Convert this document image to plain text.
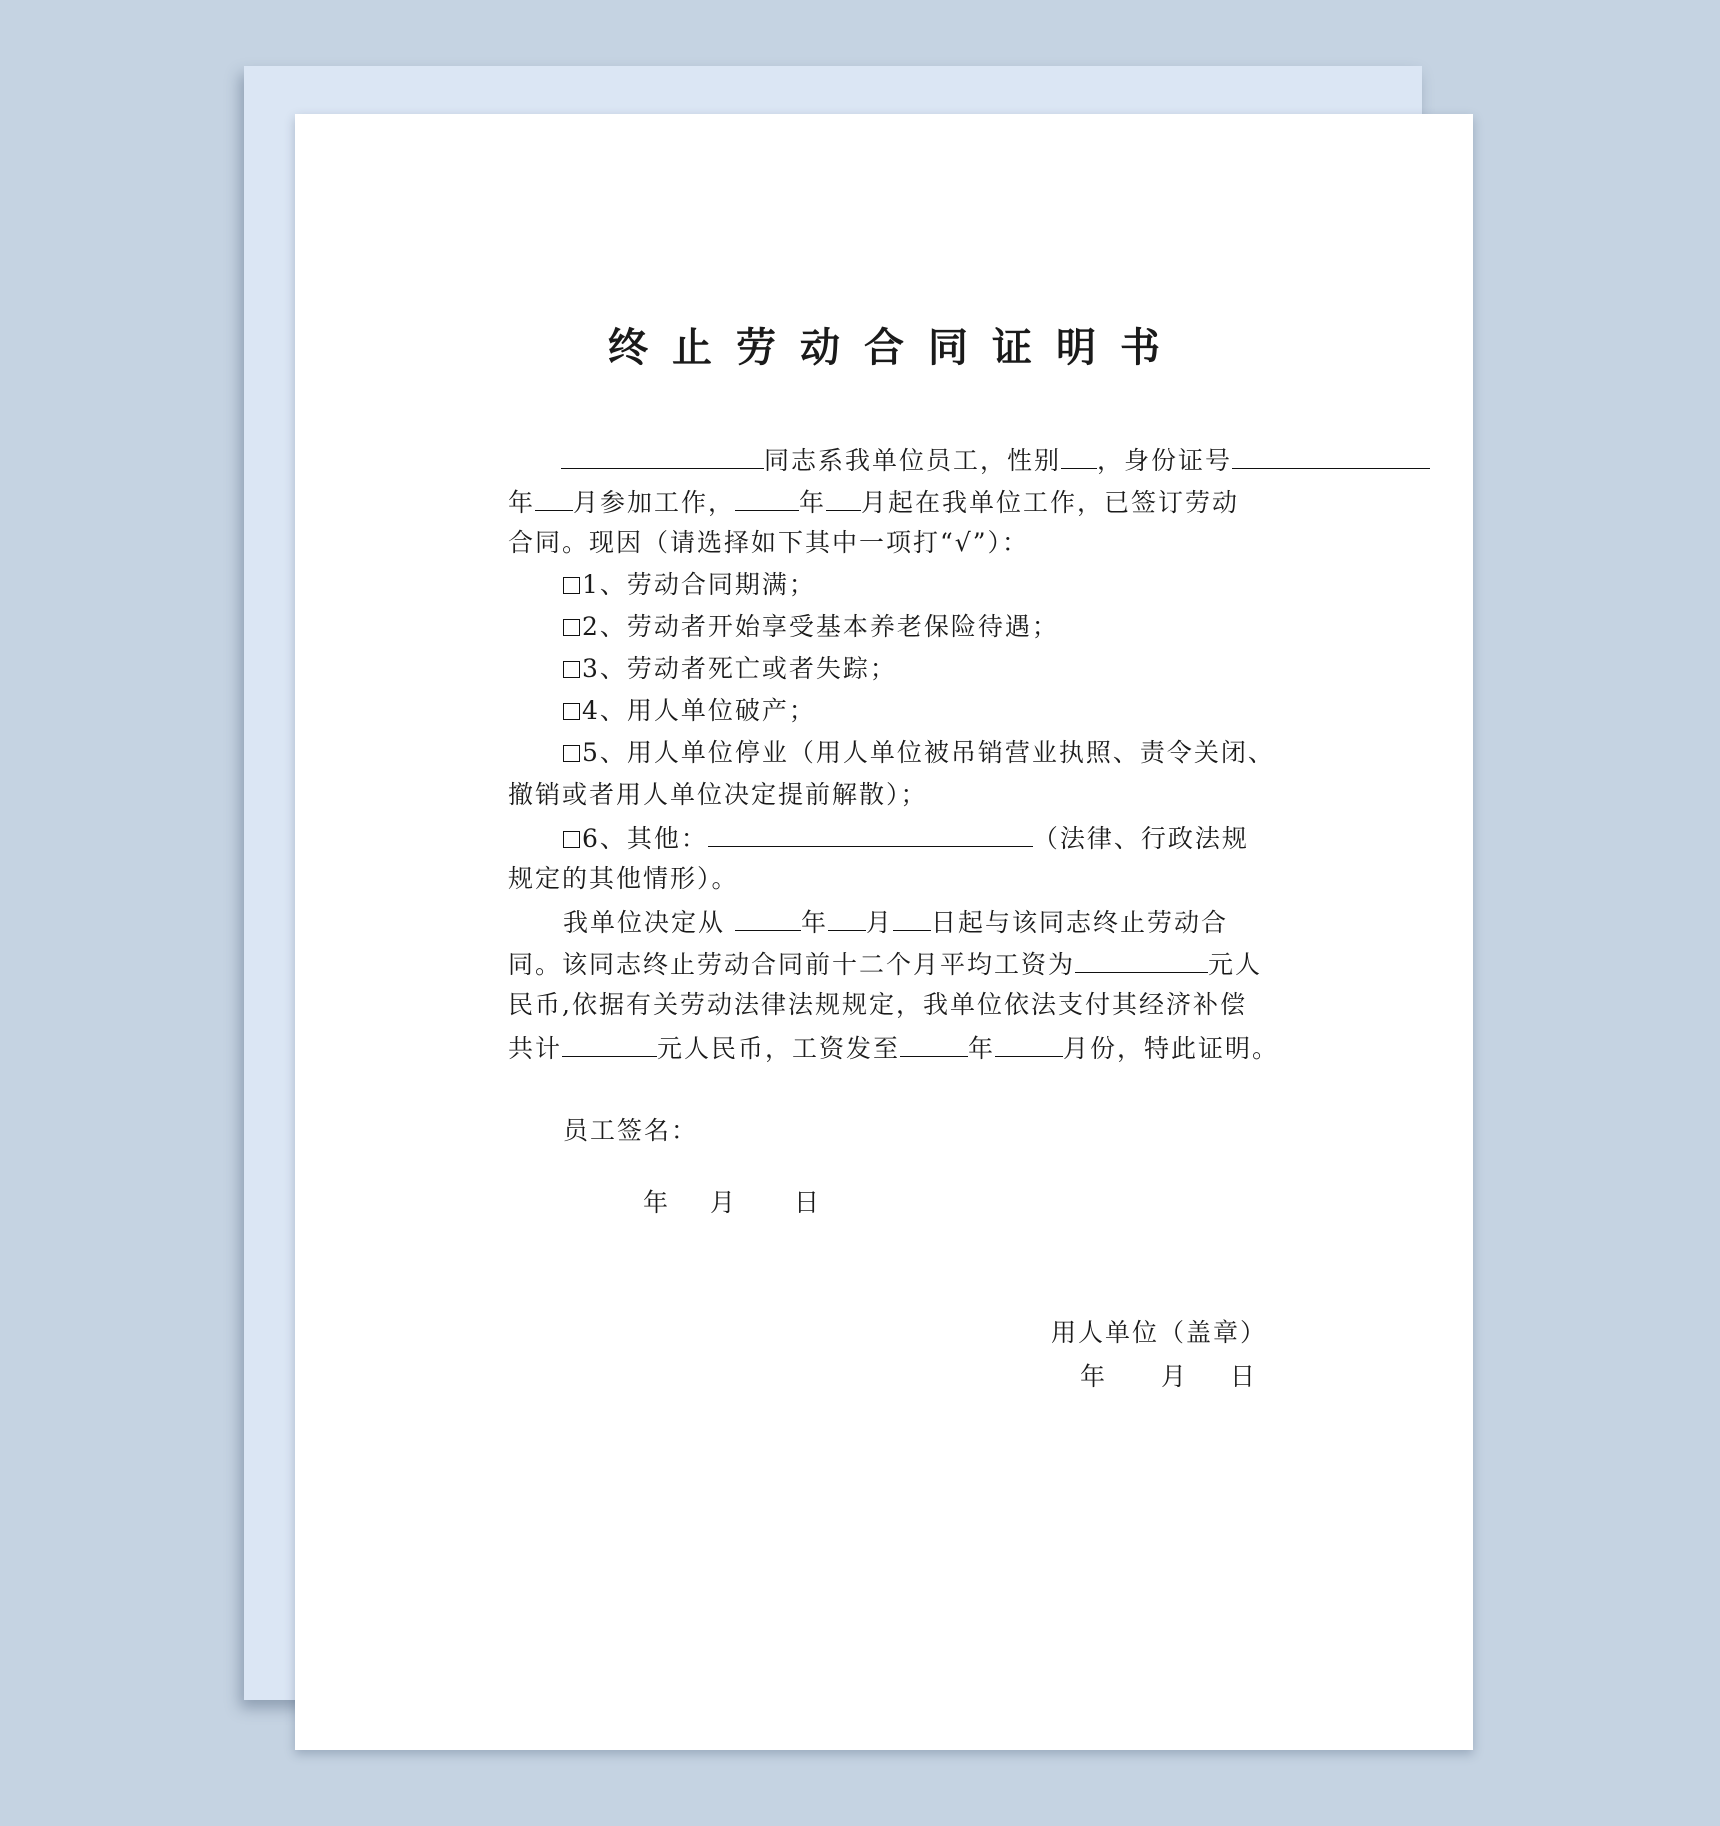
终止劳动合同证明书
同志系我单位员工，性别 ，身份证号
年 月参加工作，	年 月起在我单位工作，已签订劳动
合同。现因（请选择如下其中一项打“√”）：
1、劳动合同期满；
2、劳动者开始享受基本养老保险待遇；
3、劳动者死亡或者失踪；
4、用人单位破产；
5、用人单位停业（用人单位被吊销营业执照、责令关闭、
撤销或者用人单位决定提前解散）；
6、其他：	（法律、行政法规
规定的其他情形）。
我单位决定从	年 月 日起与该同志终止劳动合
同。该同志终止劳动合同前十二个月平均工资为	元人
民币,依据有关劳动法律法规规定，我单位依法支付其经济补偿
共计	元人民币，工资发至	年	月份，特此证明。
员工签名：
年 月 日
用人单位（盖章）
年 月 日
